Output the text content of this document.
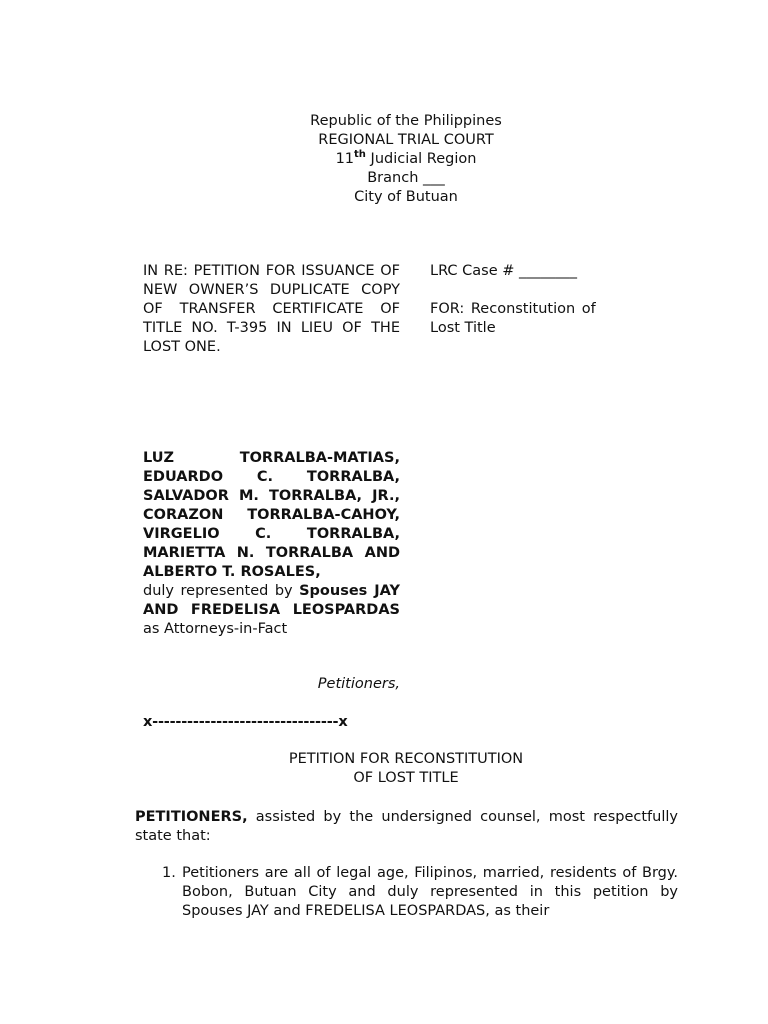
Republic of the Philippines
REGIONAL TRIAL COURT
11th Judicial Region
Branch ___
City of Butuan
IN RE: PETITION FOR ISSUANCE OF NEW OWNER’S DUPLICATE COPY OF TRANSFER CERTIFICATE OF TITLE NO. T-395 IN LIEU OF THE LOST ONE.
LRC Case # ________
FOR: Reconstitution of
Lost Title
LUZ TORRALBA-MATIAS, EDUARDO C. TORRALBA, SALVADOR M. TORRALBA, JR., CORAZON TORRALBA-CAHOY, VIRGELIO C. TORRALBA, MARIETTA N. TORRALBA AND ALBERTO T. ROSALES,
duly represented by Spouses JAY AND FREDELISA LEOSPARDAS as Attorneys-in-Fact
Petitioners,
x--------------------------------x
PETITION FOR RECONSTITUTION
OF LOST TITLE
PETITIONERS, assisted by the undersigned counsel, most respectfully state that:
1. Petitioners are all of legal age, Filipinos, married, residents of Brgy. Bobon, Butuan City and duly represented in this petition by Spouses JAY and FREDELISA LEOSPARDAS, as their
